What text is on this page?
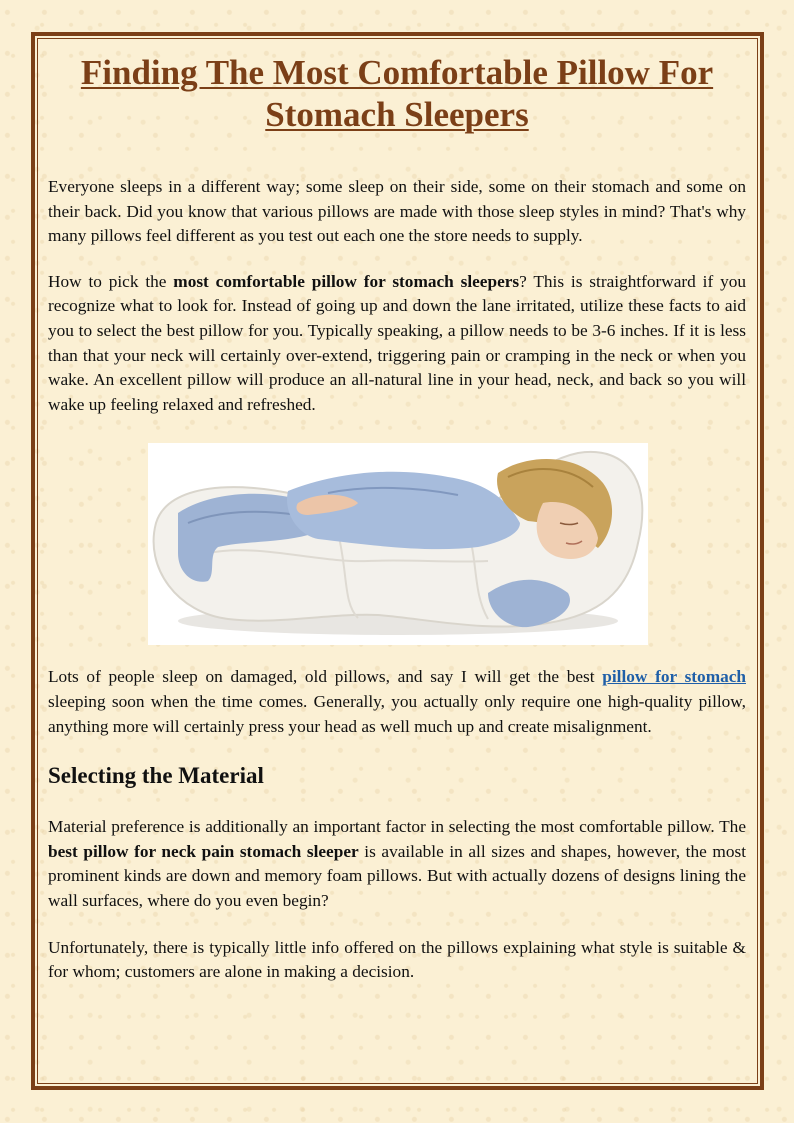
Finding The Most Comfortable Pillow For Stomach Sleepers

Everyone sleeps in a different way; some sleep on their side, some on their stomach and some on their back. Did you know that various pillows are made with those sleep styles in mind? That's why many pillows feel different as you test out each one the store needs to supply.

How to pick the most comfortable pillow for stomach sleepers? This is straightforward if you recognize what to look for. Instead of going up and down the lane irritated, utilize these facts to aid you to select the best pillow for you. Typically speaking, a pillow needs to be 3-6 inches. If it is less than that your neck will certainly over-extend, triggering pain or cramping in the neck or when you wake. An excellent pillow will produce an all-natural line in your head, neck, and back so you will wake up feeling relaxed and refreshed.

Lots of people sleep on damaged, old pillows, and say I will get the best pillow for stomach sleeping soon when the time comes. Generally, you actually only require one high-quality pillow, anything more will certainly press your head as well much up and create misalignment.

Selecting the Material

Material preference is additionally an important factor in selecting the most comfortable pillow. The best pillow for neck pain stomach sleeper is available in all sizes and shapes, however, the most prominent kinds are down and memory foam pillows. But with actually dozens of designs lining the wall surfaces, where do you even begin?

Unfortunately, there is typically little info offered on the pillows explaining what style is suitable & for whom; customers are alone in making a decision.
